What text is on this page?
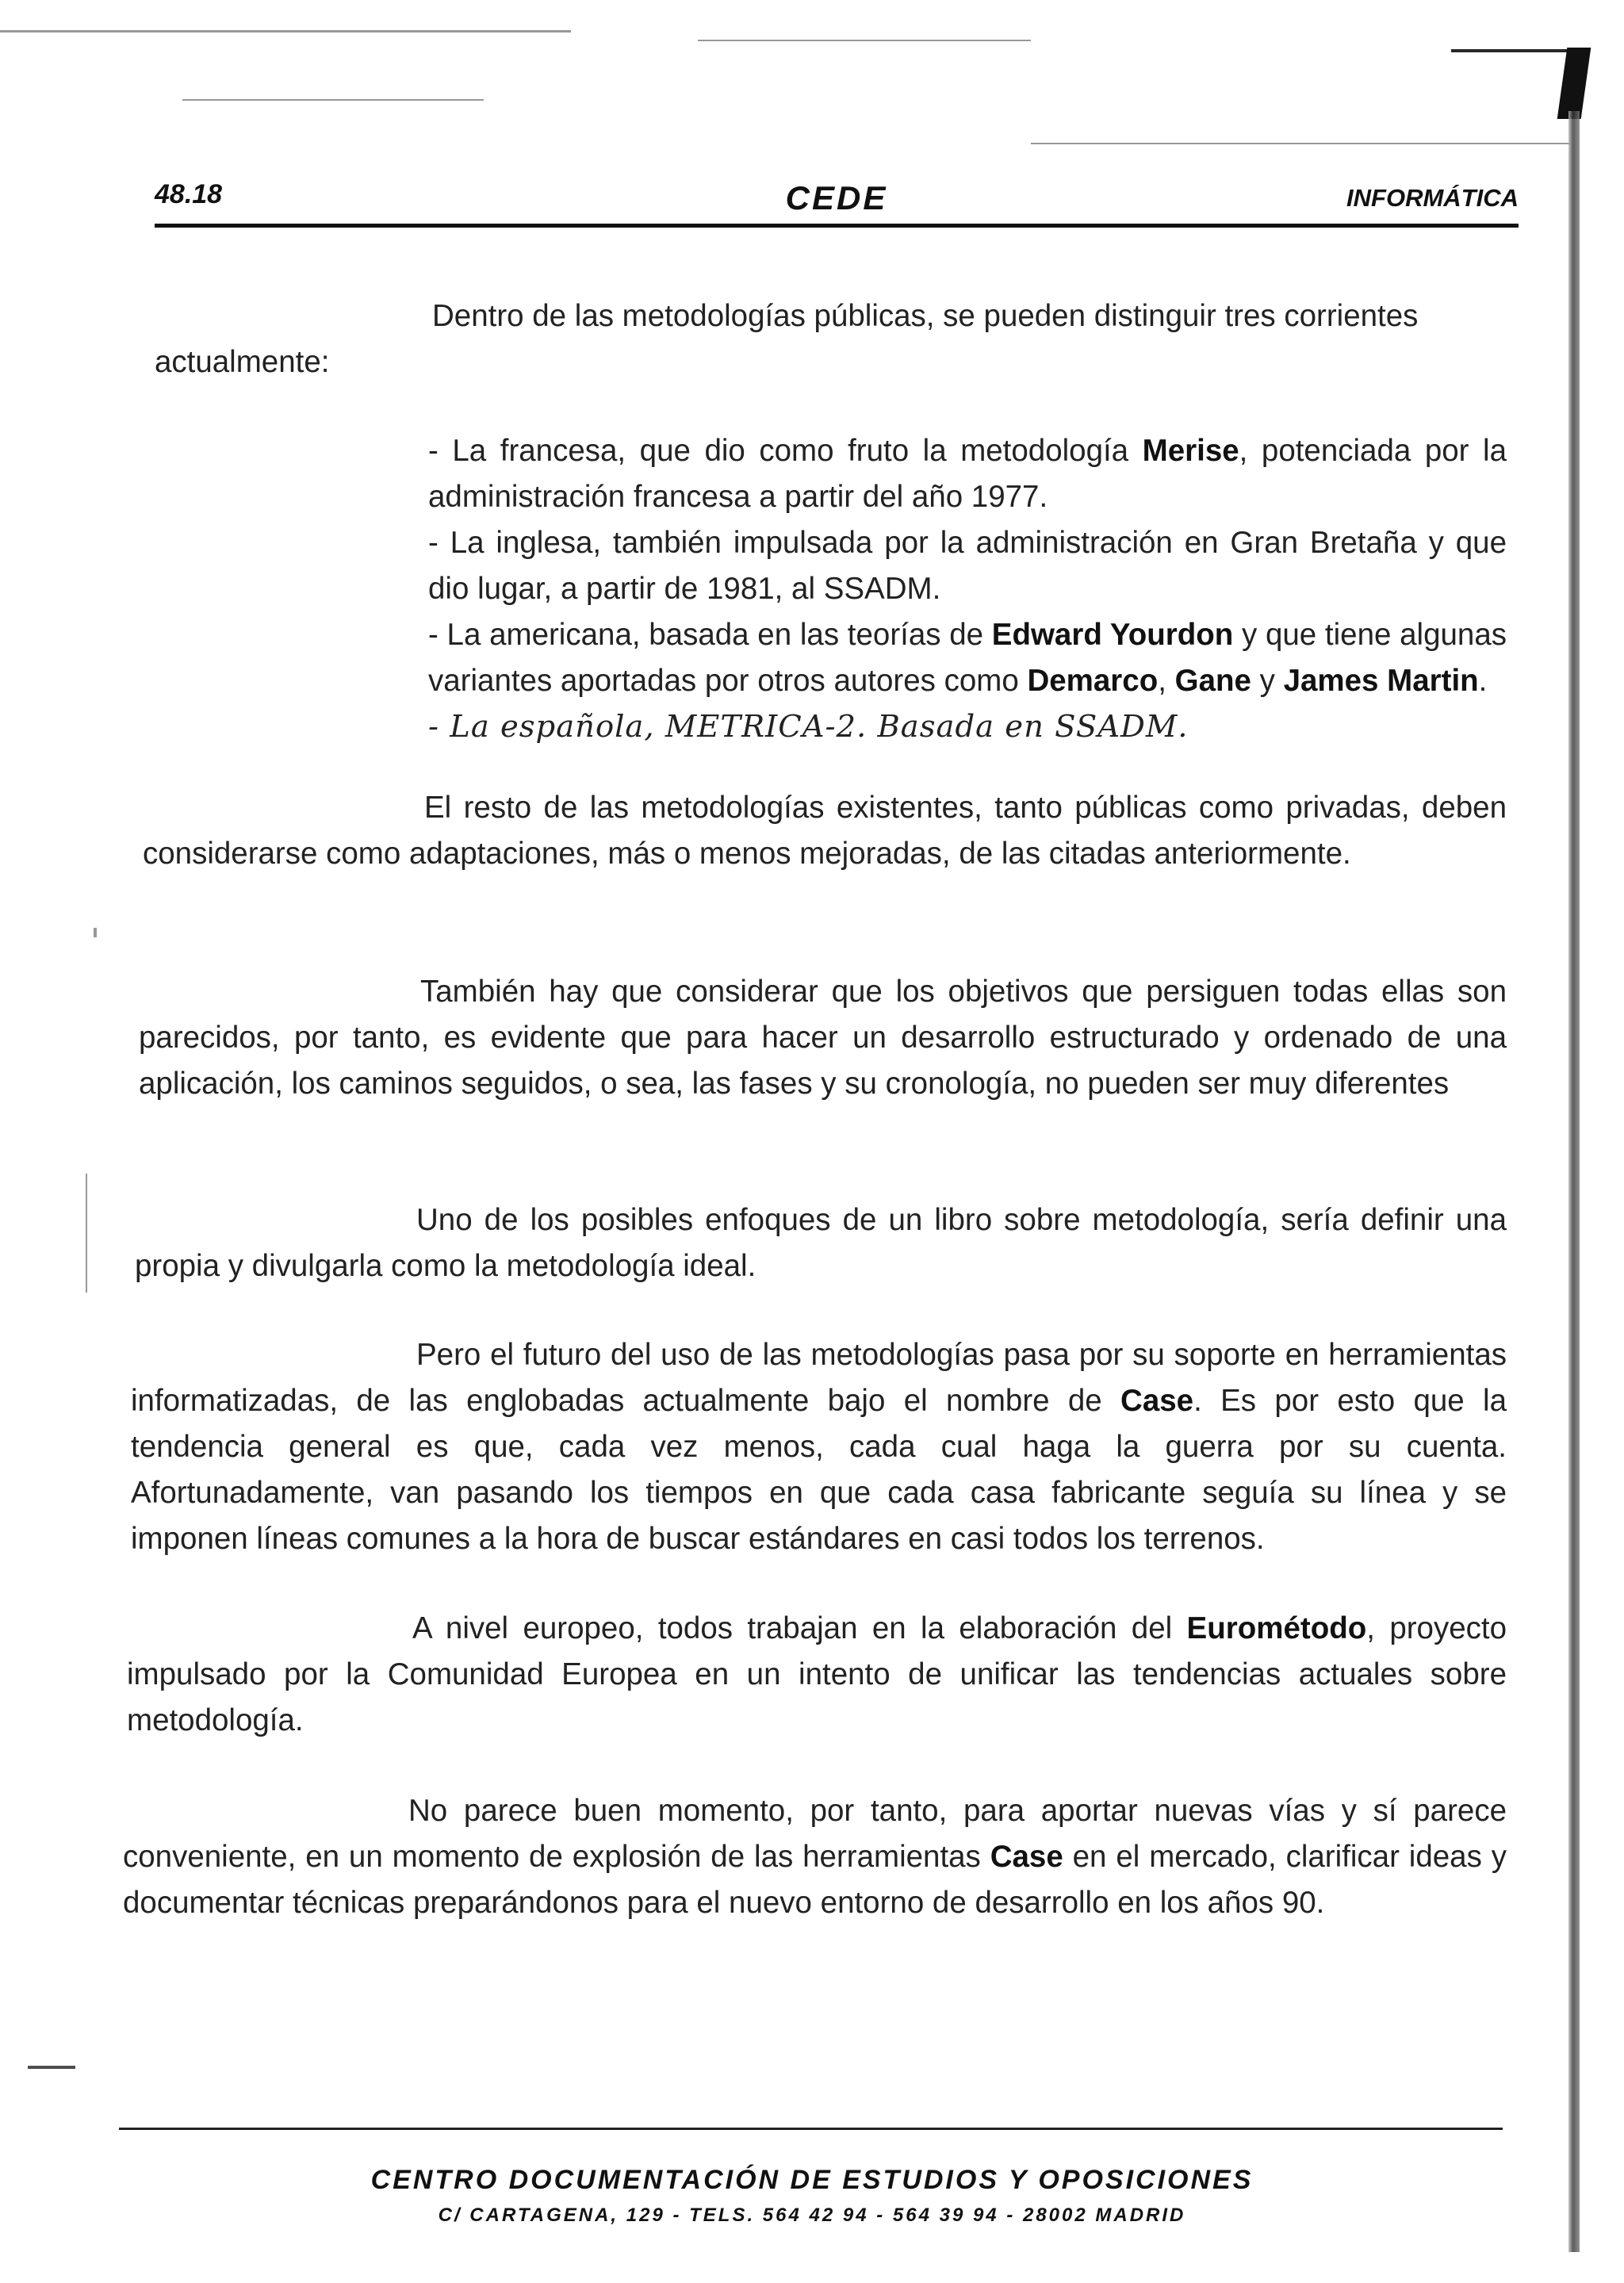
48.18	CEDE	INFORMÁTICA
Dentro de las metodologías públicas, se pueden distinguir tres corrientes
actualmente:
- La francesa, que dio como fruto la metodología Merise, potenciada por la administración francesa a partir del año 1977.
- La inglesa, también impulsada por la administración en Gran Bretaña y que dio lugar, a partir de 1981, al SSADM.
- La americana, basada en las teorías de Edward Yourdon y que tiene algunas variantes aportadas por otros autores como Demarco, Gane y James Martin.
- La española, METRICA-2. Basada en SSADM.

El resto de las metodologías existentes, tanto públicas como privadas, deben considerarse como adaptaciones, más o menos mejoradas, de las citadas anteriormente.

También hay que considerar que los objetivos que persiguen todas ellas son parecidos, por tanto, es evidente que para hacer un desarrollo estructurado y ordenado de una aplicación, los caminos seguidos, o sea, las fases y su cronología, no pueden ser muy diferentes

Uno de los posibles enfoques de un libro sobre metodología, sería definir una propia y divulgarla como la metodología ideal.

Pero el futuro del uso de las metodologías pasa por su soporte en herramientas informatizadas, de las englobadas actualmente bajo el nombre de Case. Es por esto que la tendencia general es que, cada vez menos, cada cual haga la guerra por su cuenta. Afortunadamente, van pasando los tiempos en que cada casa fabricante seguía su línea y se imponen líneas comunes a la hora de buscar estándares en casi todos los terrenos.

A nivel europeo, todos trabajan en la elaboración del Eurométodo, proyecto impulsado por la Comunidad Europea en un intento de unificar las tendencias actuales sobre metodología.

No parece buen momento, por tanto, para aportar nuevas vías y sí parece conveniente, en un momento de explosión de las herramientas Case en el mercado, clarificar ideas y documentar técnicas preparándonos para el nuevo entorno de desarrollo en los años 90.

CENTRO DOCUMENTACIÓN DE ESTUDIOS Y OPOSICIONES
C/ CARTAGENA, 129 - TELS. 564 42 94 - 564 39 94 - 28002 MADRID
